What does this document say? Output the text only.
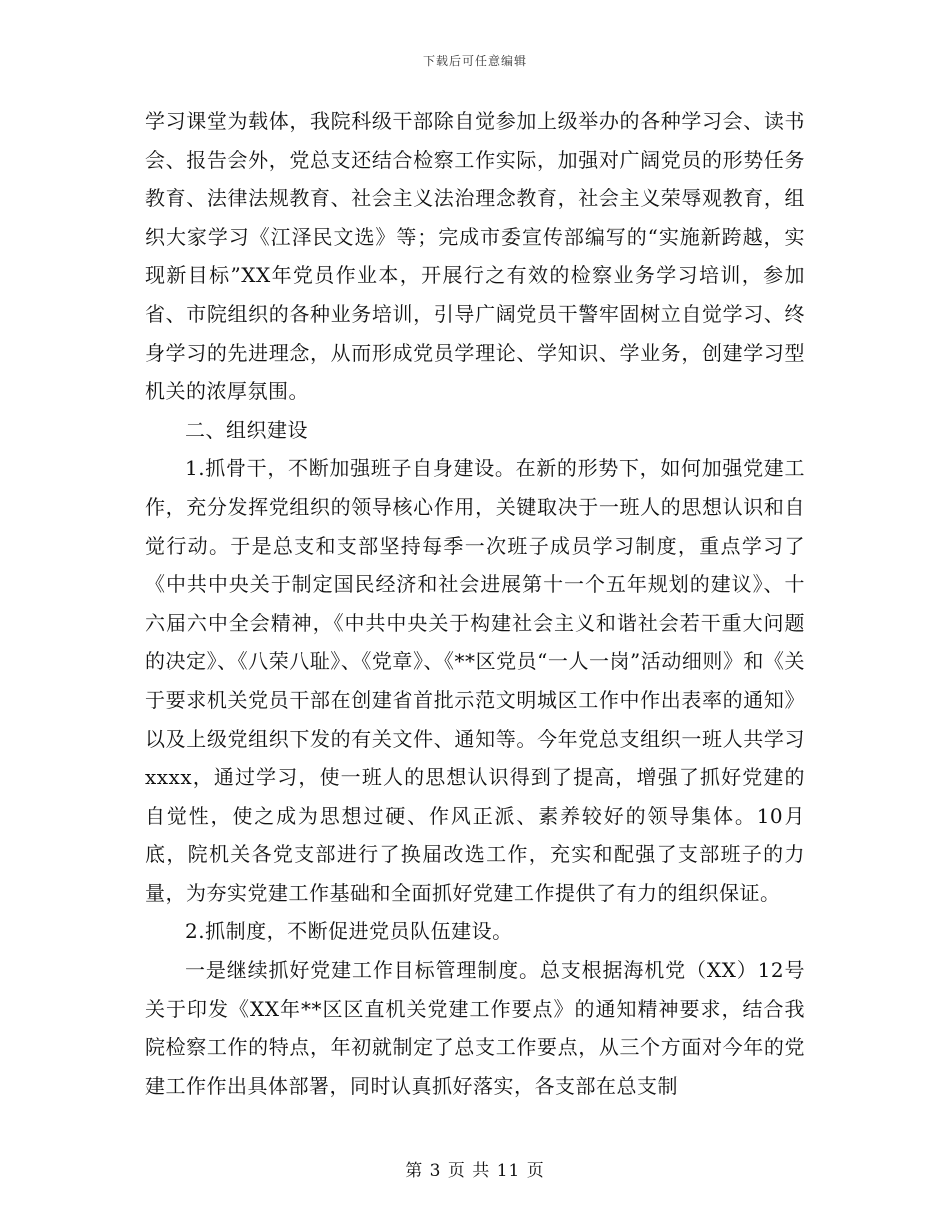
下载后可任意编辑

学习课堂为载体，我院科级干部除自觉参加上级举办的各种学习会、读书会、报告会外，党总支还结合检察工作实际，加强对广阔党员的形势任务教育、法律法规教育、社会主义法治理念教育，社会主义荣辱观教育，组织大家学习《江泽民文选》等；完成市委宣传部编写的“实施新跨越，实现新目标”XX年党员作业本，开展行之有效的检察业务学习培训，参加省、市院组织的各种业务培训，引导广阔党员干警牢固树立自觉学习、终身学习的先进理念，从而形成党员学理论、学知识、学业务，创建学习型机关的浓厚氛围。

二、组织建设

1.抓骨干，不断加强班子自身建设。在新的形势下，如何加强党建工作，充分发挥党组织的领导核心作用，关键取决于一班人的思想认识和自觉行动。于是总支和支部坚持每季一次班子成员学习制度，重点学习了《中共中央关于制定国民经济和社会进展第十一个五年规划的建议》、十六届六中全会精神，《中共中央关于构建社会主义和谐社会若干重大问题的决定》、《八荣八耻》、《党章》、《**区党员“一人一岗”活动细则》和《关于要求机关党员干部在创建省首批示范文明城区工作中作出表率的通知》以及上级党组织下发的有关文件、通知等。今年党总支组织一班人共学习xxxx，通过学习，使一班人的思想认识得到了提高，增强了抓好党建的自觉性，使之成为思想过硬、作风正派、素养较好的领导集体。10月底，院机关各党支部进行了换届改选工作，充实和配强了支部班子的力量，为夯实党建工作基础和全面抓好党建工作提供了有力的组织保证。

2.抓制度，不断促进党员队伍建设。

一是继续抓好党建工作目标管理制度。总支根据海机党（XX）12号关于印发《XX年**区区直机关党建工作要点》的通知精神要求，结合我院检察工作的特点，年初就制定了总支工作要点，从三个方面对今年的党建工作作出具体部署，同时认真抓好落实，各支部在总支制

第 3 页 共 11 页
